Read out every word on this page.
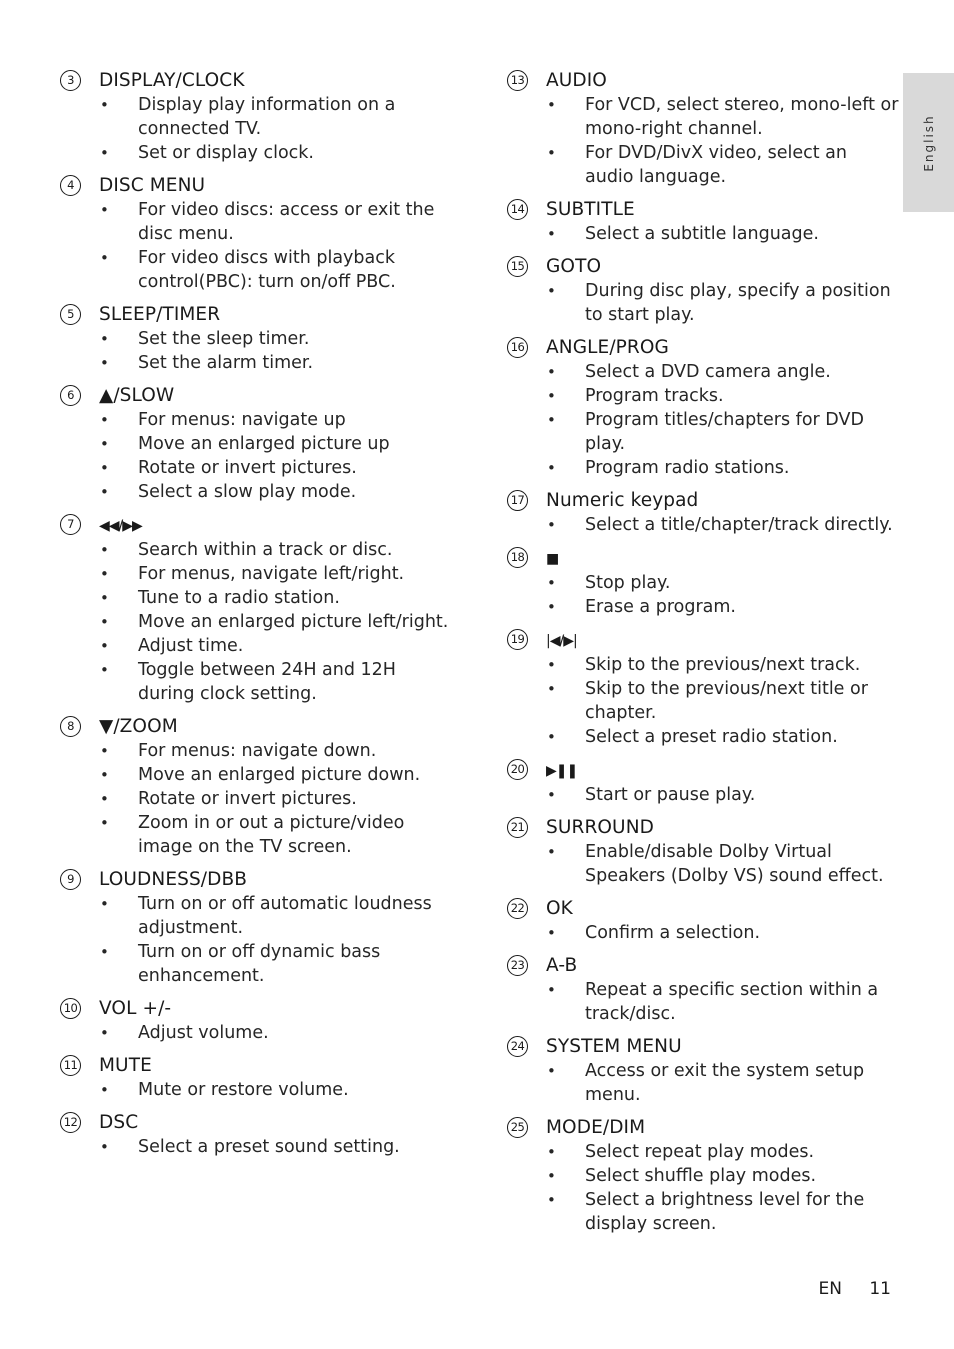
3	DISPLAY/CLOCK
• Display play information on a connected TV.
• Set or display clock.
4	DISC MENU
• For video discs: access or exit the disc menu.
• For video discs with playback control(PBC): turn on/off PBC.
5	SLEEP/TIMER
• Set the sleep timer.
• Set the alarm timer.
6	▲/SLOW
• For menus: navigate up
• Move an enlarged picture up
• Rotate or invert pictures.
• Select a slow play mode.
7	◀◀/▶▶
• Search within a track or disc.
• For menus, navigate left/right.
• Tune to a radio station.
• Move an enlarged picture left/right.
• Adjust time.
• Toggle between 24H and 12H during clock setting.
8	▼/ZOOM
• For menus: navigate down.
• Move an enlarged picture down.
• Rotate or invert pictures.
• Zoom in or out a picture/video image on the TV screen.
9	LOUDNESS/DBB
• Turn on or off automatic loudness adjustment.
• Turn on or off dynamic bass enhancement.
10 VOL +/-
• Adjust volume.
11 MUTE
• Mute or restore volume.
12 DSC
• Select a preset sound setting.
13 AUDIO
• For VCD, select stereo, mono-left or mono-right channel.
• For DVD/DivX video, select an audio language.
14 SUBTITLE
• Select a subtitle language.
15 GOTO
• During disc play, specify a position to start play.
16 ANGLE/PROG
• Select a DVD camera angle.
• Program tracks.
• Program titles/chapters for DVD play.
• Program radio stations.
17 Numeric keypad
• Select a title/chapter/track directly.
18 ■
• Stop play.
• Erase a program.
19 |◀/▶|
• Skip to the previous/next track.
• Skip to the previous/next title or chapter.
• Select a preset radio station.
20 ▶❚❚
• Start or pause play.
21 SURROUND
• Enable/disable Dolby Virtual Speakers (Dolby VS) sound effect.
22 OK
• Confirm a selection.
23 A-B
• Repeat a specific section within a track/disc.
24 SYSTEM MENU
• Access or exit the system setup menu.
25 MODE/DIM
• Select repeat play modes.
• Select shuffle play modes.
• Select a brightness level for the display screen.
English
EN 11
